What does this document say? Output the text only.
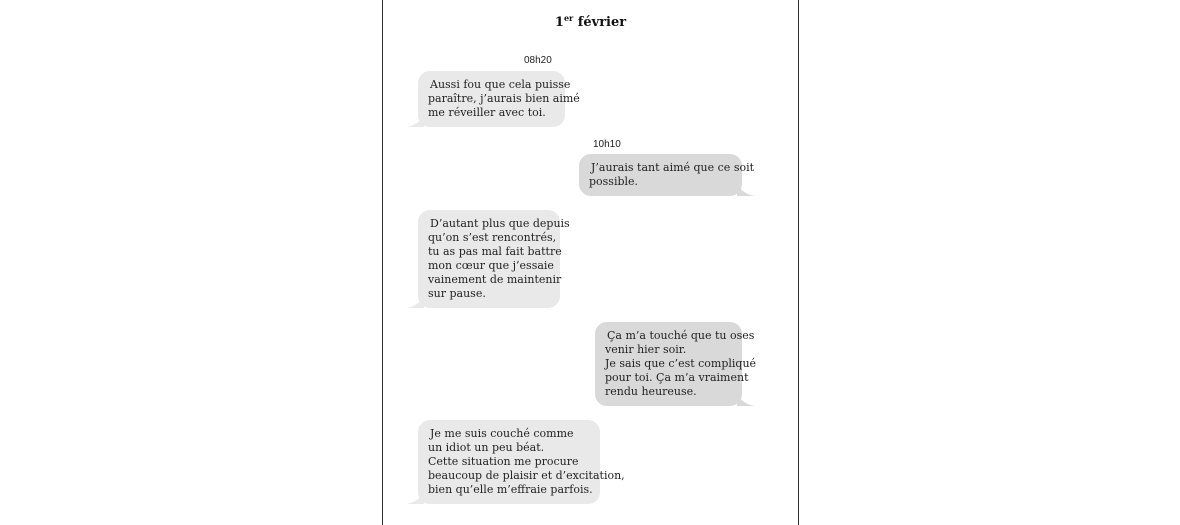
1er février
08h20
Aussi fou que cela puisse
paraître, j’aurais bien aimé
me réveiller avec toi.
10h10
J’aurais tant aimé que ce soit
possible.
D’autant plus que depuis
qu’on s’est rencontrés,
tu as pas mal fait battre
mon cœur que j’essaie
vainement de maintenir
sur pause.
Ça m’a touché que tu oses
venir hier soir.
Je sais que c’est compliqué
pour toi. Ça m’a vraiment
rendu heureuse.
Je me suis couché comme
un idiot un peu béat.
Cette situation me procure
beaucoup de plaisir et d’excitation,
bien qu’elle m’effraie parfois.
